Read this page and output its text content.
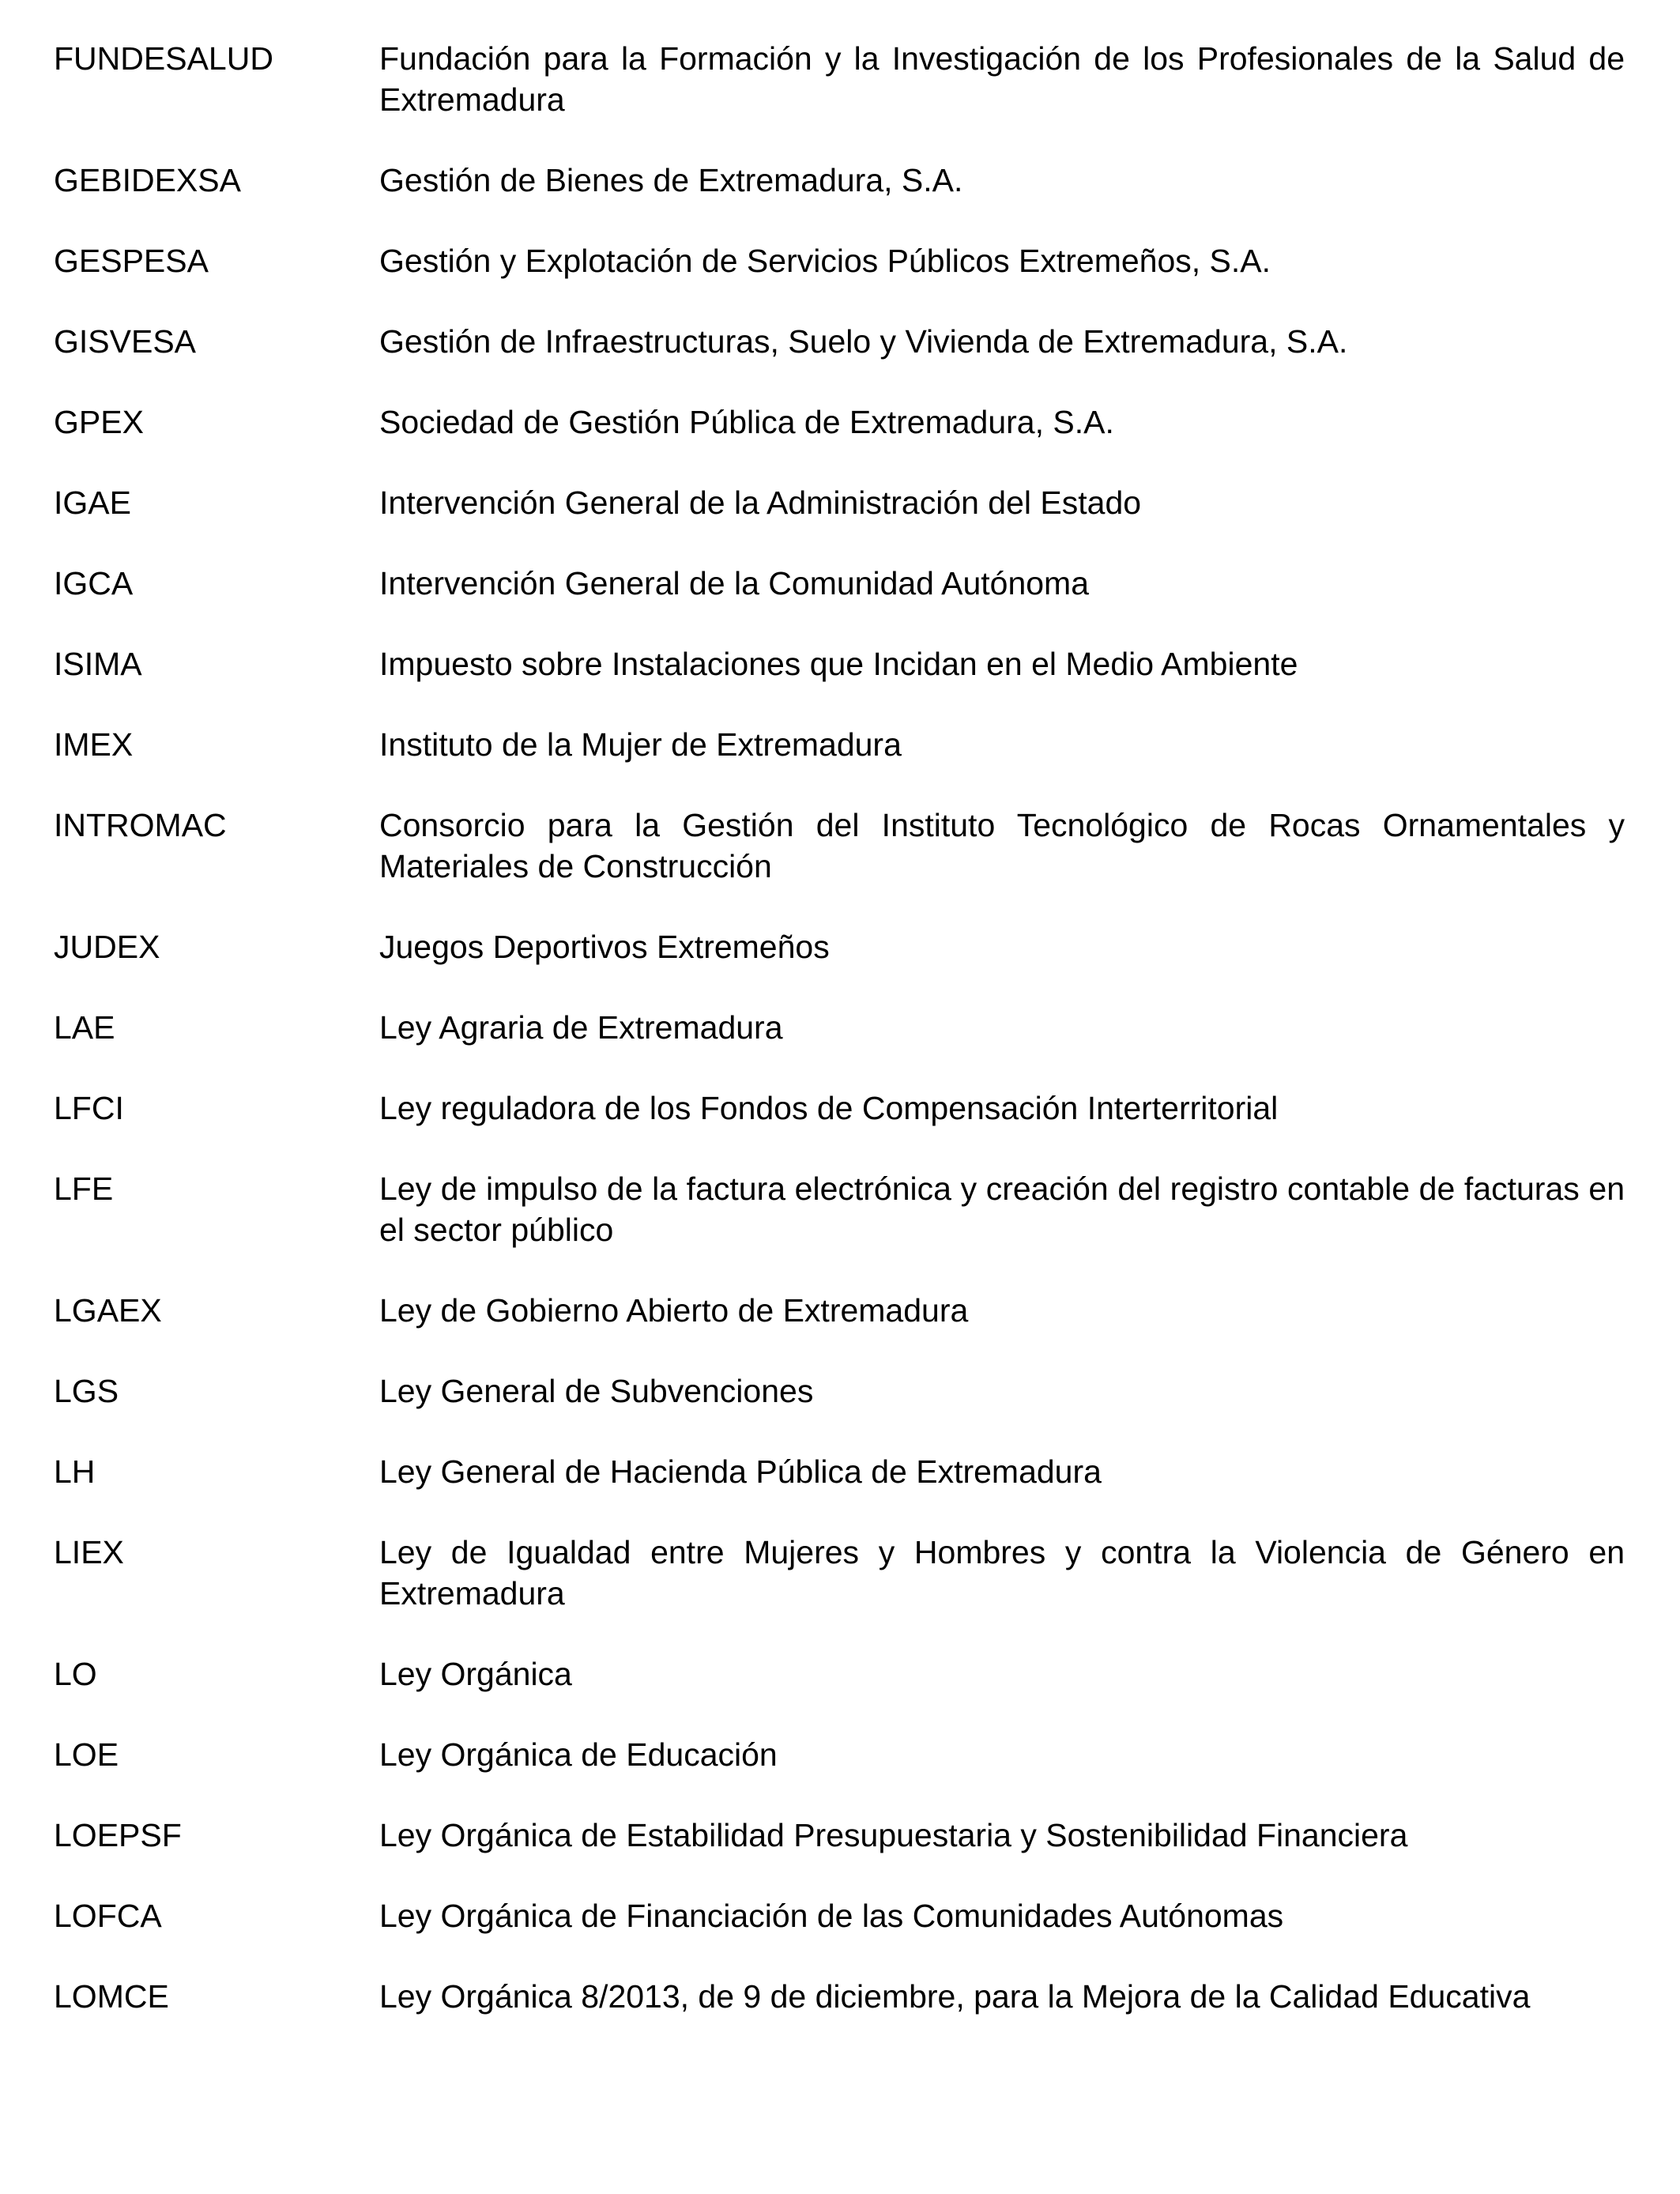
FUNDESALUD	Fundación para la Formación y la Investigación de los Profesionales de la Salud de Extremadura
GEBIDEXSA	Gestión de Bienes de Extremadura, S.A.
GESPESA	Gestión y Explotación de Servicios Públicos Extremeños, S.A.
GISVESA	Gestión de Infraestructuras, Suelo y Vivienda de Extremadura, S.A.
GPEX	Sociedad de Gestión Pública de Extremadura, S.A.
IGAE	Intervención General de la Administración del Estado
IGCA	Intervención General de la Comunidad Autónoma
ISIMA	Impuesto sobre Instalaciones que Incidan en el Medio Ambiente
IMEX	Instituto de la Mujer de Extremadura
INTROMAC	Consorcio para la Gestión del Instituto Tecnológico de Rocas Ornamentales y Materiales de Construcción
JUDEX	Juegos Deportivos Extremeños
LAE	Ley Agraria de Extremadura
LFCI	Ley reguladora de los Fondos de Compensación Interterritorial
LFE	Ley de impulso de la factura electrónica y creación del registro contable de facturas en el sector público
LGAEX	Ley de Gobierno Abierto de Extremadura
LGS	Ley General de Subvenciones
LH	Ley General de Hacienda Pública de Extremadura
LIEX	Ley de Igualdad entre Mujeres y Hombres y contra la Violencia de Género en Extremadura
LO	Ley Orgánica
LOE	Ley Orgánica de Educación
LOEPSF	Ley Orgánica de Estabilidad Presupuestaria y Sostenibilidad Financiera
LOFCA	Ley Orgánica de Financiación de las Comunidades Autónomas
LOMCE	Ley Orgánica 8/2013, de 9 de diciembre, para la Mejora de la Calidad Educativa
